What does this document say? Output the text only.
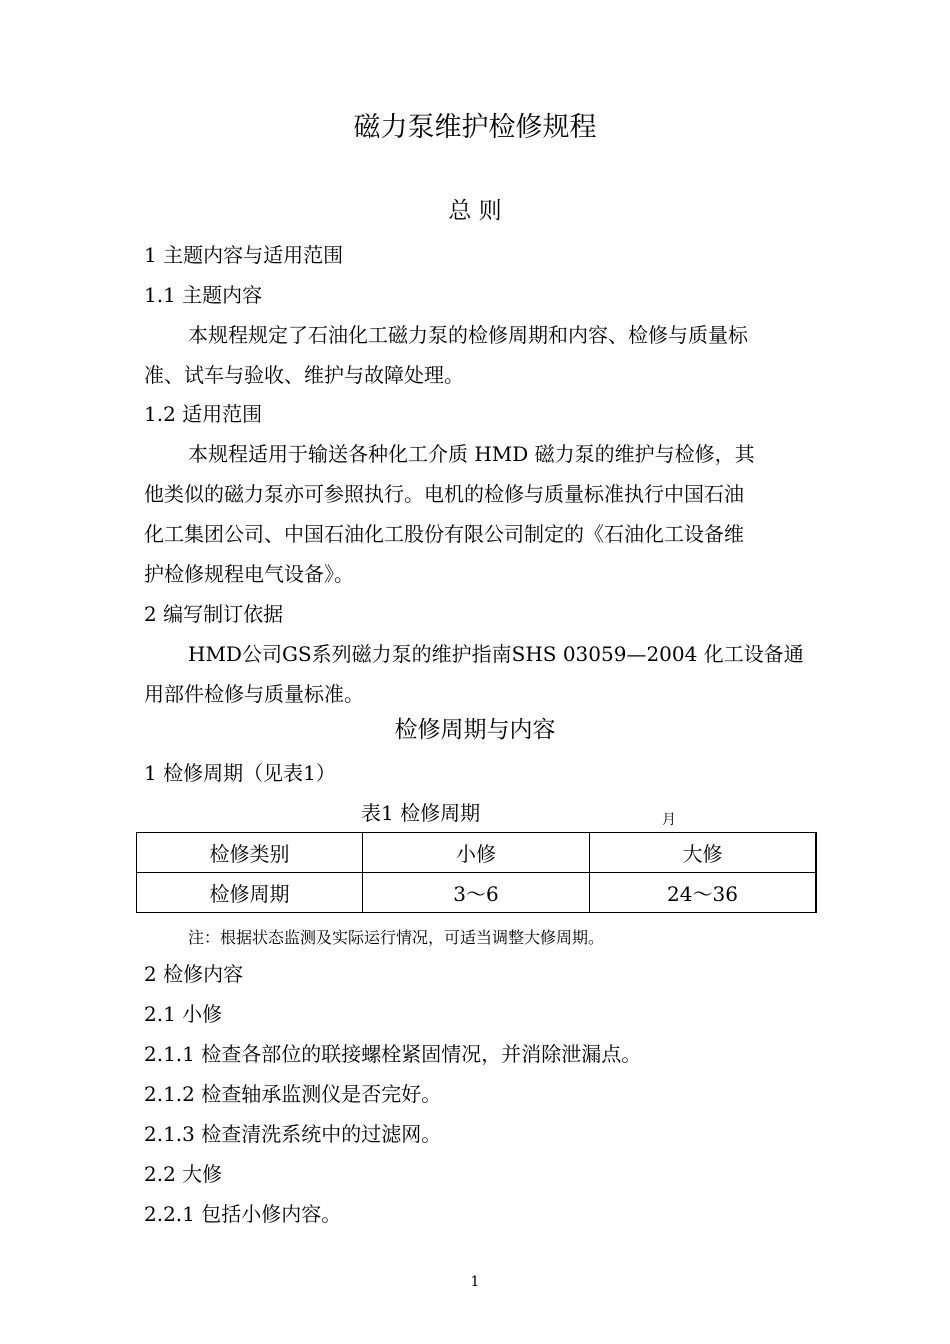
磁力泵维护检修规程
总 则
1 主题内容与适用范围
1.1 主题内容
本规程规定了石油化工磁力泵的检修周期和内容、检修与质量标
准、试车与验收、维护与故障处理。
1.2 适用范围
本规程适用于输送各种化工介质 HMD 磁力泵的维护与检修，其
他类似的磁力泵亦可参照执行。电机的检修与质量标准执行中国石油
化工集团公司、中国石油化工股份有限公司制定的《石油化工设备维
护检修规程电气设备》。
2 编写制订依据
HMD公司GS系列磁力泵的维护指南SHS 03059—2004 化工设备通
用部件检修与质量标准。
检修周期与内容
1 检修周期（见表1）
表1 检修周期	月
检修类别	小修	大修
检修周期	3～6	24～36
注：根据状态监测及实际运行情况，可适当调整大修周期。
2 检修内容
2.1 小修
2.1.1 检查各部位的联接螺栓紧固情况，并消除泄漏点。
2.1.2 检查轴承监测仪是否完好。
2.1.3 检查清洗系统中的过滤网。
2.2 大修
2.2.1 包括小修内容。
1
